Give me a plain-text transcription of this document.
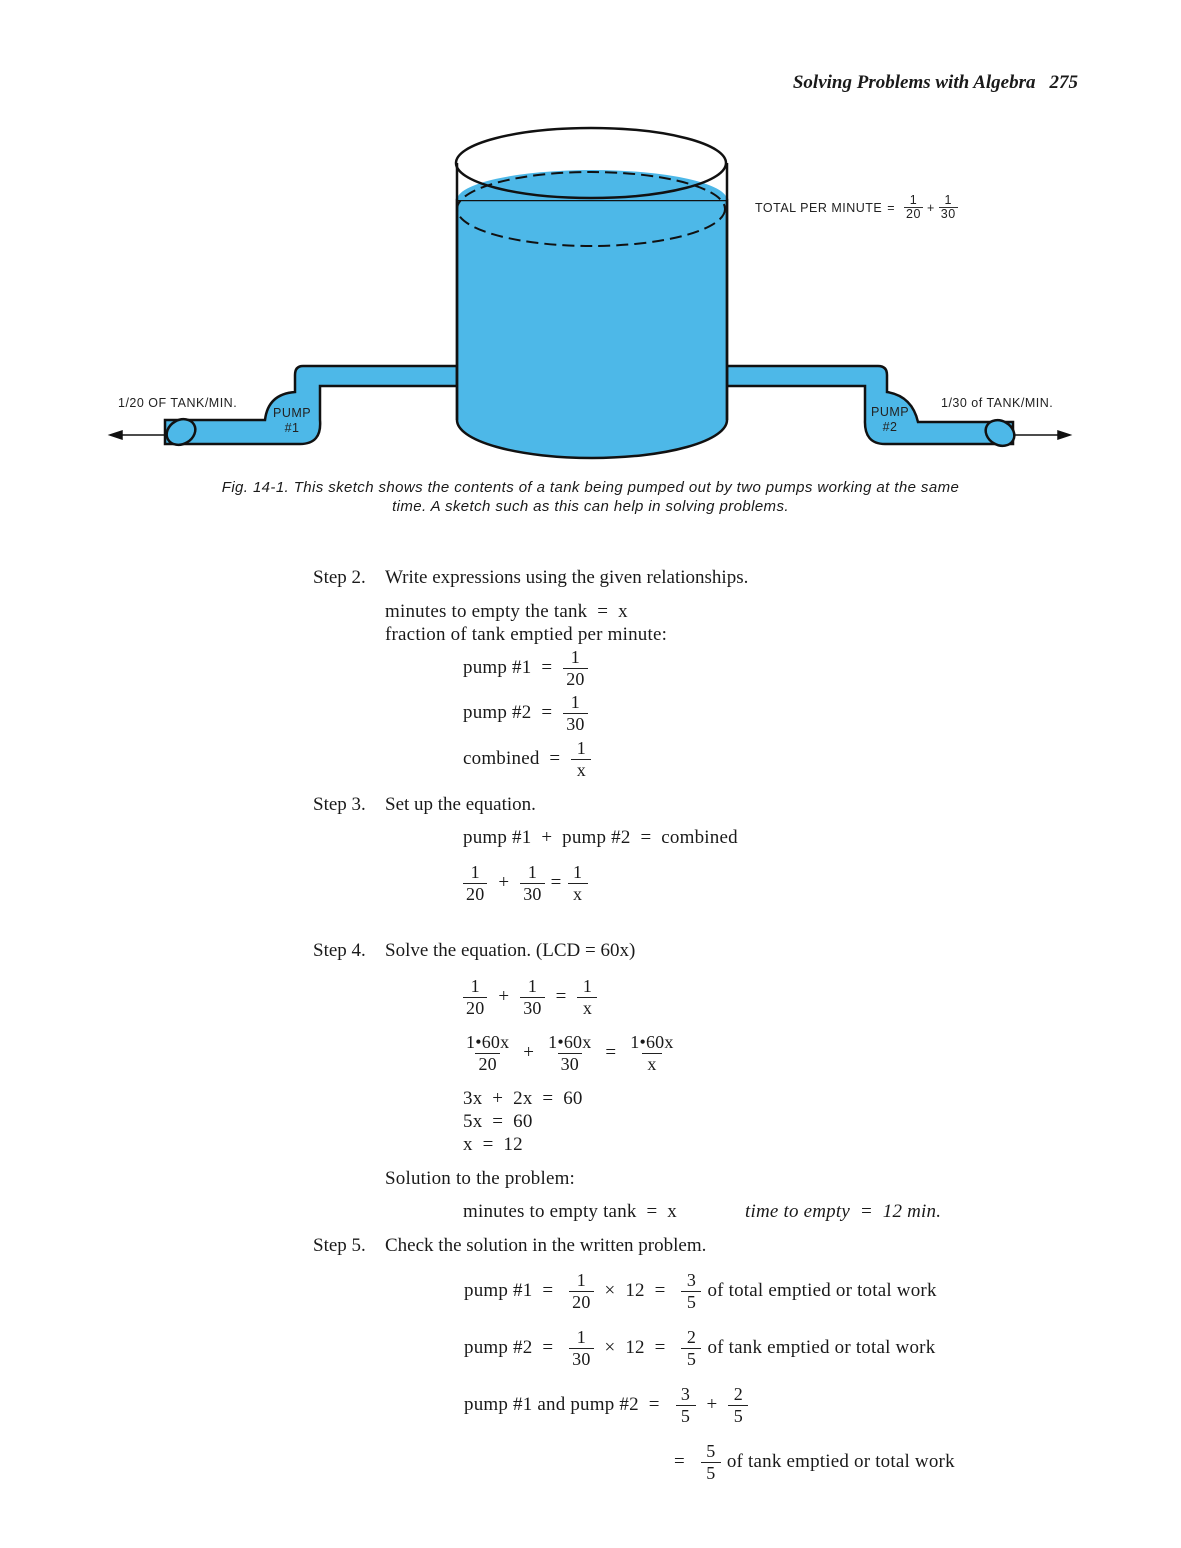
Solving Problems with Algebra 275
1/20 OF TANK/MIN.
PUMP
#1
PUMP
#2
1/30 of TANK/MIN.
TOTAL PER MINUTE = $\frac{1}{20} + \frac{1}{30}$
Fig. 14-1. This sketch shows the contents of a tank being pumped out by two pumps working at the same
time. A sketch such as this can help in solving problems.
Step 2. Write expressions using the given relationships.
minutes to empty the tank  =  x
fraction of tank emptied per minute:
pump #1  = $\frac{1}{20}$
pump #2  = $\frac{1}{30}$
combined  = $\frac{1}{x}$
Step 3. Set up the equation.
pump #1  +  pump #2  =  combined
$\frac{1}{20} + \frac{1}{30} = \frac{1}{x}$
Step 4. Solve the equation. (LCD = 60x)
$\frac{1}{20} + \frac{1}{30} = \frac{1}{x}$
$\frac{1•60x}{20} + \frac{1•60x}{30} = \frac{1•60x}{x}$
3x  +  2x  =  60
5x  =  60
x  =  12
Solution to the problem:
minutes to empty tank  =  x	time to empty  =  12 min.
Step 5. Check the solution in the written problem.
pump #1  = $\frac{1}{20} \times 12 = \frac{3}{5}$ of total emptied or total work
pump #2  = $\frac{1}{30} \times 12 = \frac{2}{5}$ of tank emptied or total work
pump #1 and pump #2  = $\frac{3}{5} + \frac{2}{5}$
= $\frac{5}{5}$ of tank emptied or total work
